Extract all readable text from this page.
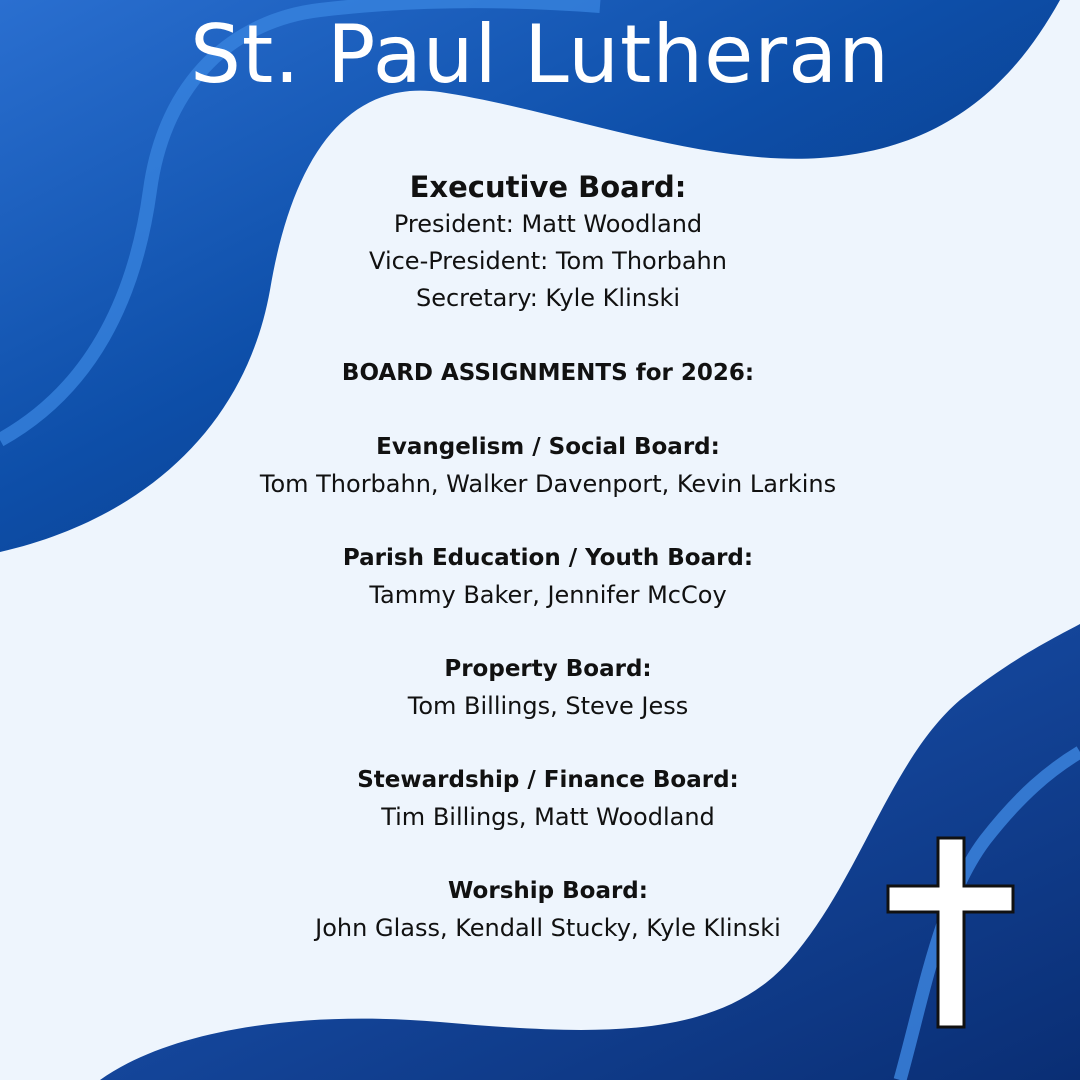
St. Paul Lutheran

Executive Board:

President: Matt Woodland

Vice-President: Tom Thorbahn

Secretary: Kyle Klinski

BOARD ASSIGNMENTS for 2026:

Evangelism / Social Board:

Tom Thorbahn, Walker Davenport, Kevin Larkins

Parish Education / Youth Board:

Tammy Baker, Jennifer McCoy

Property Board:

Tom Billings, Steve Jess

Stewardship / Finance Board:

Tim Billings, Matt Woodland

Worship Board:

John Glass, Kendall Stucky, Kyle Klinski
